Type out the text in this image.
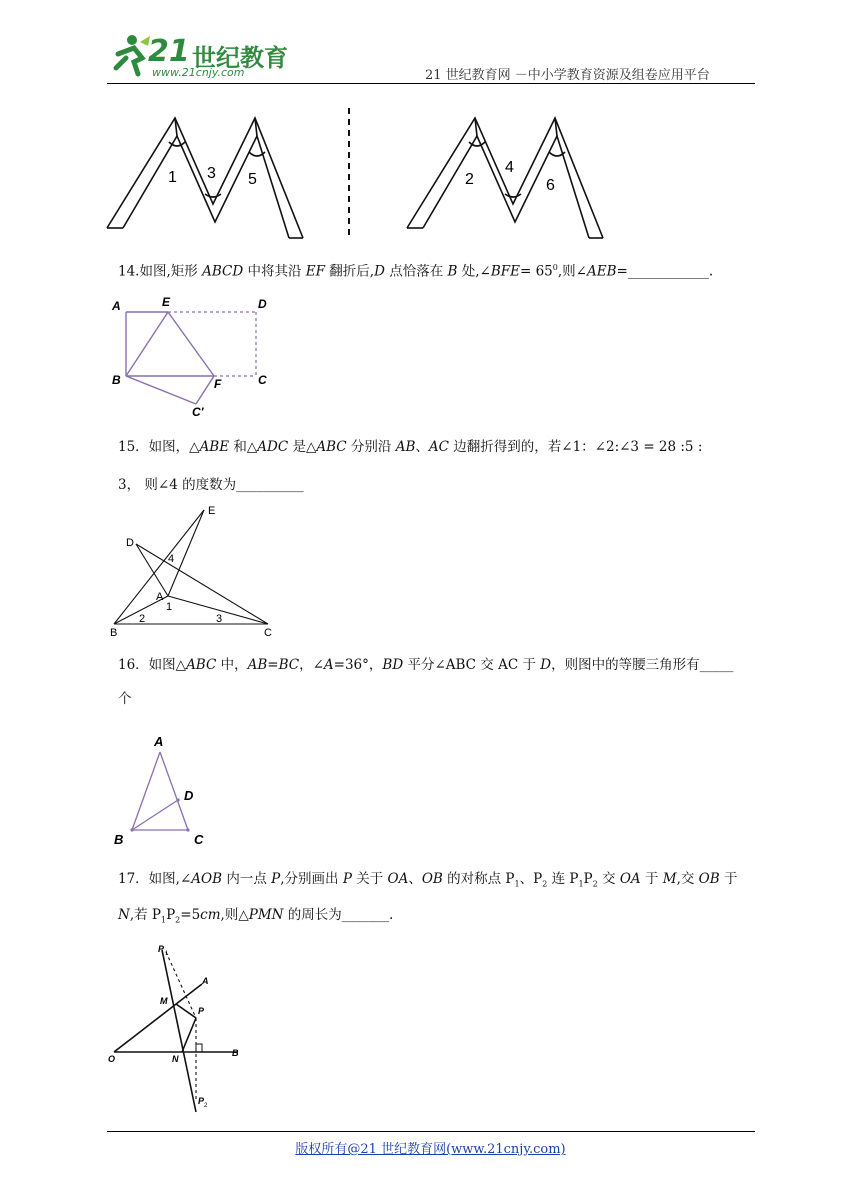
21 世纪教育
www.21cnjy.com	21 世纪教育网 －中小学教育资源及组卷应用平台
1 3 5	2
4
6
14.如图,矩形 ABCD 中将其沿 EF 翻折后,D 点恰落在 B 处,∠BFE= $65^0$,则∠AEB=____________.
A	E	D
B	F	C
C'
15．如图，△ABE 和△ADC 是△ABC 分别沿 AB、AC 边翻折得到的，若∠1：∠2:∠3 = 28 :5 :
3， 则∠4 的度数为__________
E
D
4
A
1
2	3
B	C
16．如图△ABC 中，AB=BC，∠A=36°，BD 平分∠ABC 交 AC 于 D，则图中的等腰三角形有_____
个
A
D
B	C
17．如图,∠AOB 内一点 P,分别画出 P 关于 OA、OB 的对称点 $P_1$、$P_2$ 连 $P_1P_2$ 交 OA 于 M,交 OB 于
N,若 $P_1P_2=5cm$,则△PMN 的周长为_______.
P 1
A
M
P
O	N
B
P 2
版权所有@21 世纪教育网(www.21cnjy.com)
